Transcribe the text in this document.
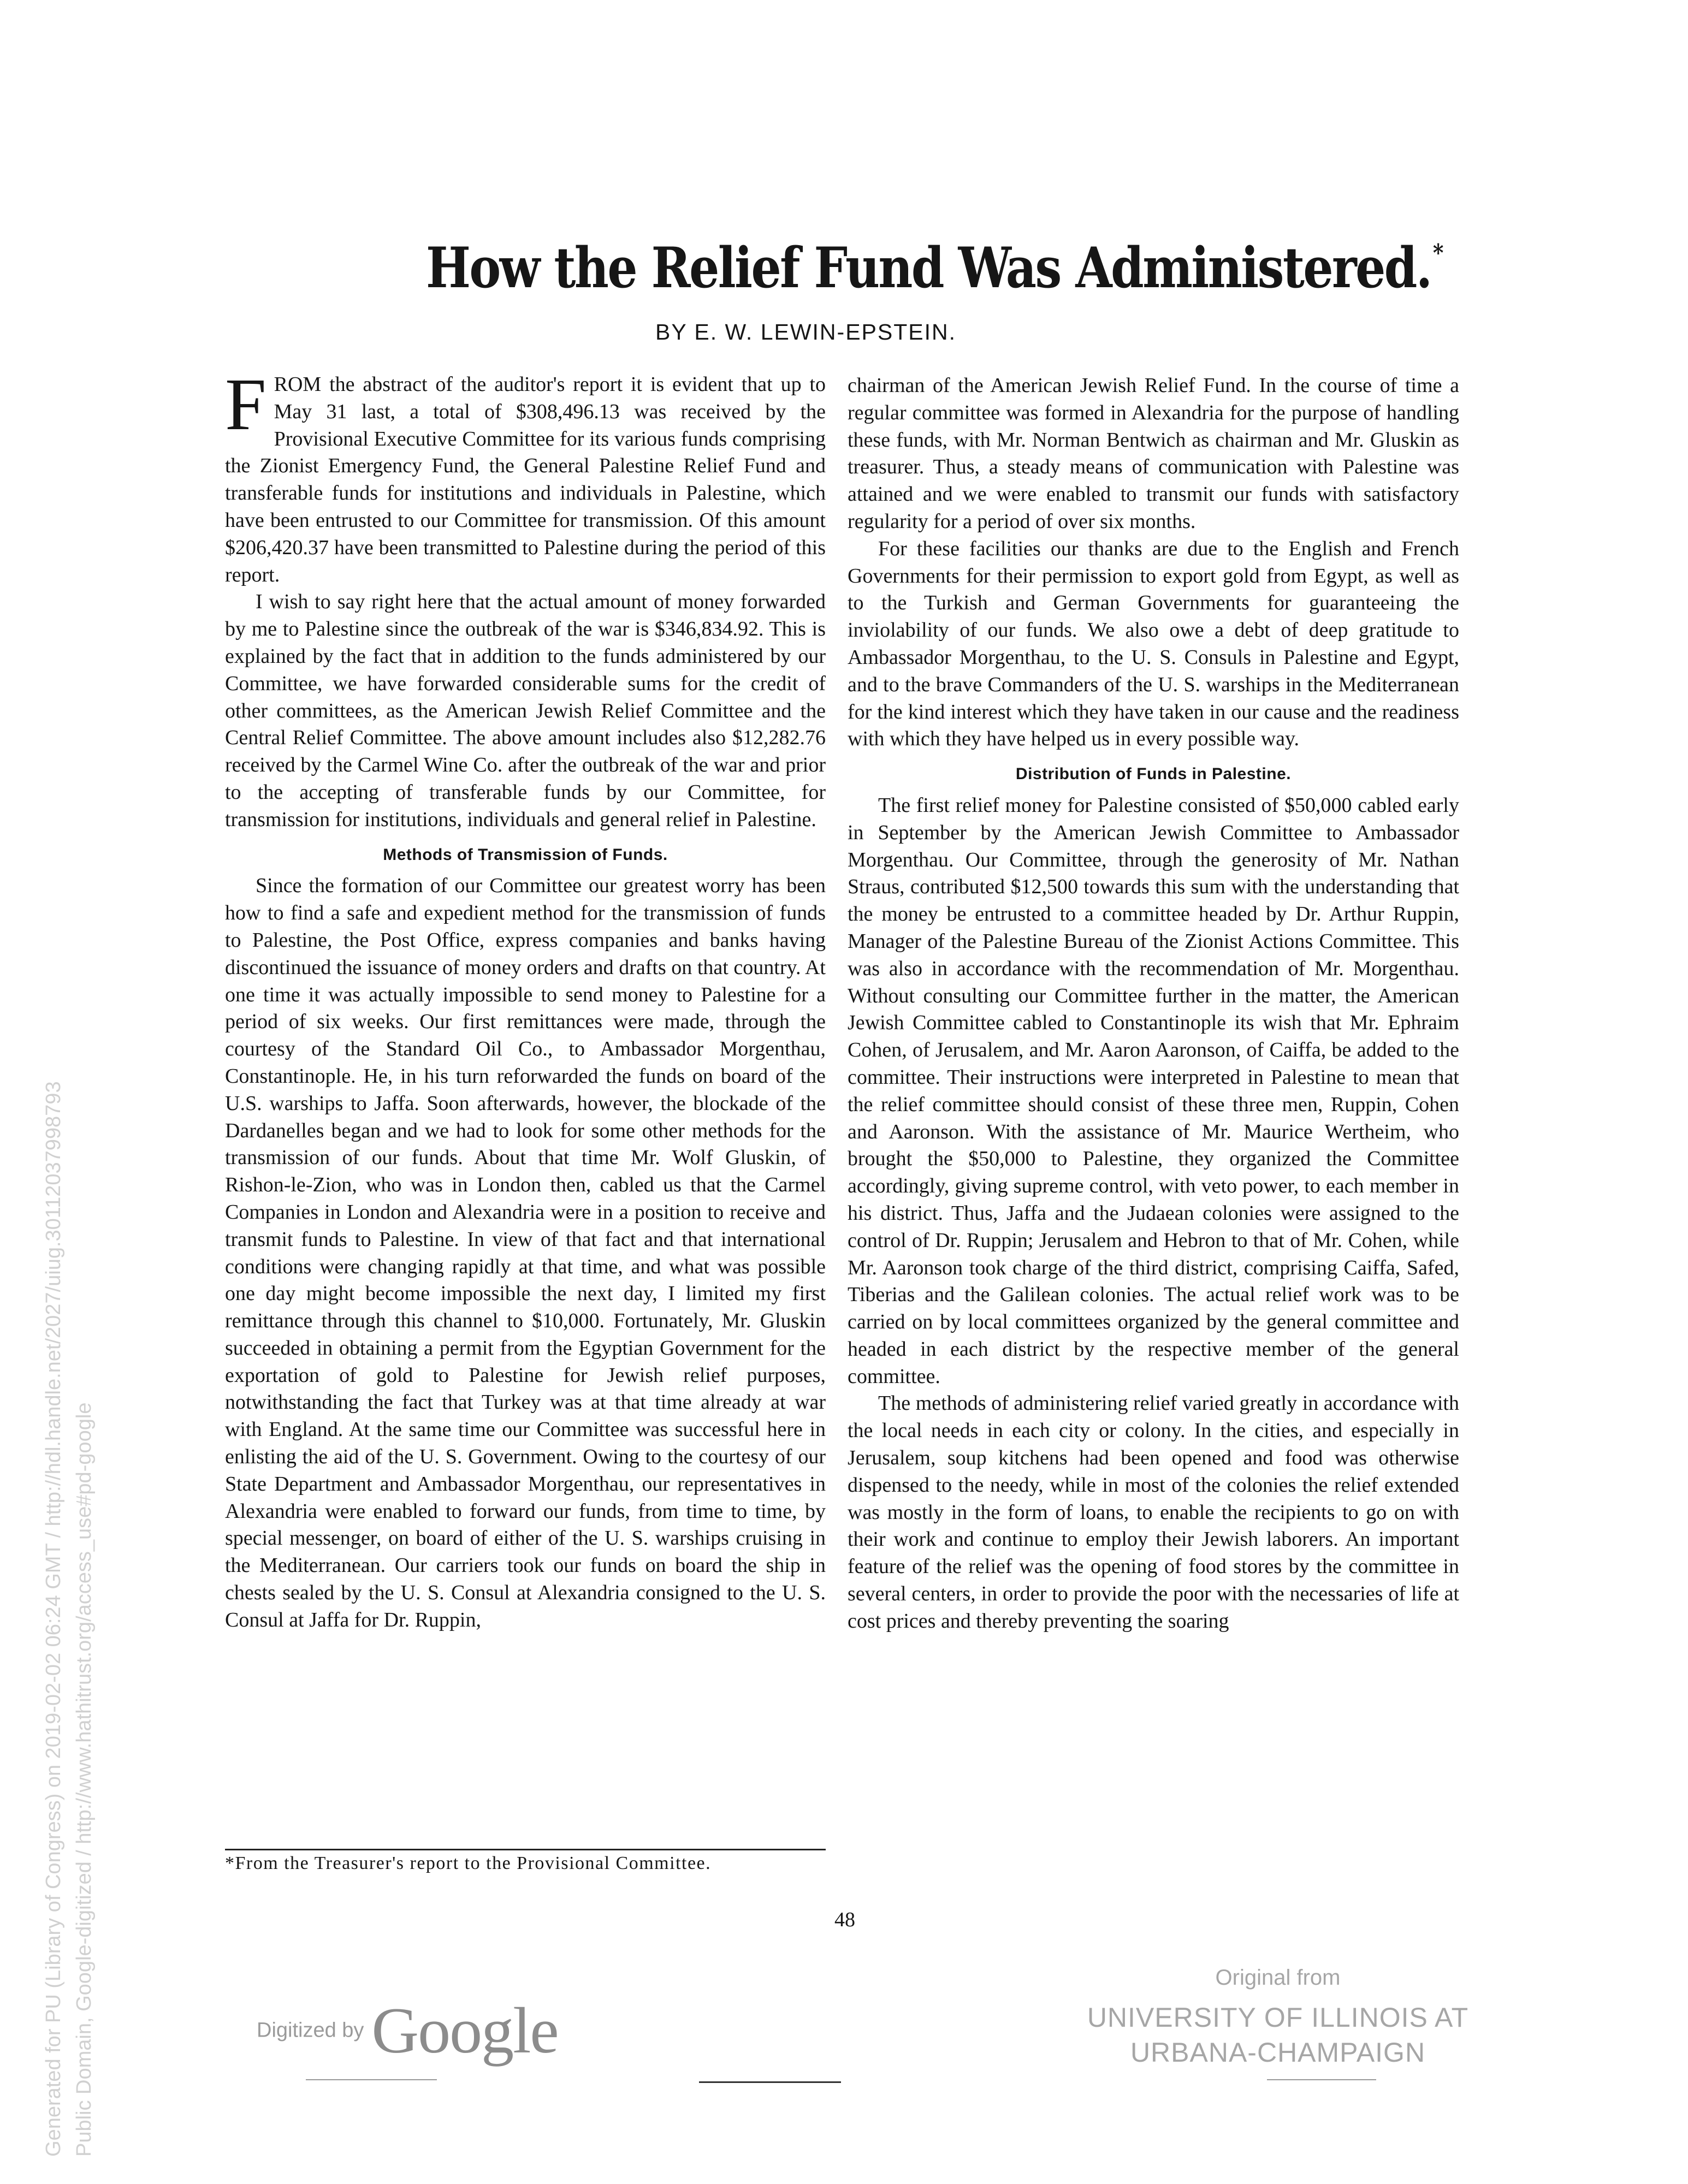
How the Relief Fund Was Administered.*
BY E. W. LEWIN-EPSTEIN.

FROM the abstract of the auditor's report it is evident that up to May 31 last, a total of $308,496.13 was received by the Provisional Executive Committee for its various funds comprising the Zionist Emergency Fund, the General Palestine Relief Fund and transferable funds for institutions and individuals in Palestine, which have been entrusted to our Committee for transmission. Of this amount $206,420.37 have been transmitted to Palestine during the period of this report.

I wish to say right here that the actual amount of money forwarded by me to Palestine since the outbreak of the war is $346,834.92. This is explained by the fact that in addition to the funds administered by our Committee, we have forwarded considerable sums for the credit of other committees, as the American Jewish Relief Committee and the Central Relief Committee. The above amount includes also $12,282.76 received by the Carmel Wine Co. after the outbreak of the war and prior to the accepting of transferable funds by our Committee, for transmission for institutions, individuals and general relief in Palestine.

Methods of Transmission of Funds.

Since the formation of our Committee our greatest worry has been how to find a safe and expedient method for the transmission of funds to Palestine, the Post Office, express companies and banks having discontinued the issuance of money orders and drafts on that country. At one time it was actually impossible to send money to Palestine for a period of six weeks. Our first remittances were made, through the courtesy of the Standard Oil Co., to Ambassador Morgenthau, Constantinople. He, in his turn reforwarded the funds on board of the U.S. warships to Jaffa. Soon afterwards, however, the blockade of the Dardanelles began and we had to look for some other methods for the transmission of our funds. About that time Mr. Wolf Gluskin, of Rishon-le-Zion, who was in London then, cabled us that the Carmel Companies in London and Alexandria were in a position to receive and transmit funds to Palestine. In view of that fact and that international conditions were changing rapidly at that time, and what was possible one day might become impossible the next day, I limited my first remittance through this channel to $10,000. Fortunately, Mr. Gluskin succeeded in obtaining a permit from the Egyptian Government for the exportation of gold to Palestine for Jewish relief purposes, notwithstanding the fact that Turkey was at that time already at war with England. At the same time our Committee was successful here in enlisting the aid of the U. S. Government. Owing to the courtesy of our State Department and Ambassador Morgenthau, our representatives in Alexandria were enabled to forward our funds, from time to time, by special messenger, on board of either of the U. S. warships cruising in the Mediterranean. Our carriers took our funds on board the ship in chests sealed by the U. S. Consul at Alexandria consigned to the U. S. Consul at Jaffa for Dr. Ruppin,

*From the Treasurer's report to the Provisional Committee.

chairman of the American Jewish Relief Fund. In the course of time a regular committee was formed in Alexandria for the purpose of handling these funds, with Mr. Norman Bentwich as chairman and Mr. Gluskin as treasurer. Thus, a steady means of communication with Palestine was attained and we were enabled to transmit our funds with satisfactory regularity for a period of over six months.

For these facilities our thanks are due to the English and French Governments for their permission to export gold from Egypt, as well as to the Turkish and German Governments for guaranteeing the inviolability of our funds. We also owe a debt of deep gratitude to Ambassador Morgenthau, to the U. S. Consuls in Palestine and Egypt, and to the brave Commanders of the U. S. warships in the Mediterranean for the kind interest which they have taken in our cause and the readiness with which they have helped us in every possible way.

Distribution of Funds in Palestine.

The first relief money for Palestine consisted of $50,000 cabled early in September by the American Jewish Committee to Ambassador Morgenthau. Our Committee, through the generosity of Mr. Nathan Straus, contributed $12,500 towards this sum with the understanding that the money be entrusted to a committee headed by Dr. Arthur Ruppin, Manager of the Palestine Bureau of the Zionist Actions Committee. This was also in accordance with the recommendation of Mr. Morgenthau. Without consulting our Committee further in the matter, the American Jewish Committee cabled to Constantinople its wish that Mr. Ephraim Cohen, of Jerusalem, and Mr. Aaron Aaronson, of Caiffa, be added to the committee. Their instructions were interpreted in Palestine to mean that the relief committee should consist of these three men, Ruppin, Cohen and Aaronson. With the assistance of Mr. Maurice Wertheim, who brought the $50,000 to Palestine, they organized the Committee accordingly, giving supreme control, with veto power, to each member in his district. Thus, Jaffa and the Judaean colonies were assigned to the control of Dr. Ruppin; Jerusalem and Hebron to that of Mr. Cohen, while Mr. Aaronson took charge of the third district, comprising Caiffa, Safed, Tiberias and the Galilean colonies. The actual relief work was to be carried on by local committees organized by the general committee and headed in each district by the respective member of the general committee.

The methods of administering relief varied greatly in accordance with the local needs in each city or colony. In the cities, and especially in Jerusalem, soup kitchens had been opened and food was otherwise dispensed to the needy, while in most of the colonies the relief extended was mostly in the form of loans, to enable the recipients to go on with their work and continue to employ their Jewish laborers. An important feature of the relief was the opening of food stores by the committee in several centers, in order to provide the poor with the necessaries of life at cost prices and thereby preventing the soaring

48
Generated for PU (Library of Congress) on 2019-02-02 06:24 GMT / http://hdl.handle.net/2027/uiug.30112037998793 Public Domain, Google-digitized / http://www.hathitrust.org/access_use#pd-google	Digitized by Google
Original from
UNIVERSITY OF ILLINOIS AT
URBANA-CHAMPAIGN
